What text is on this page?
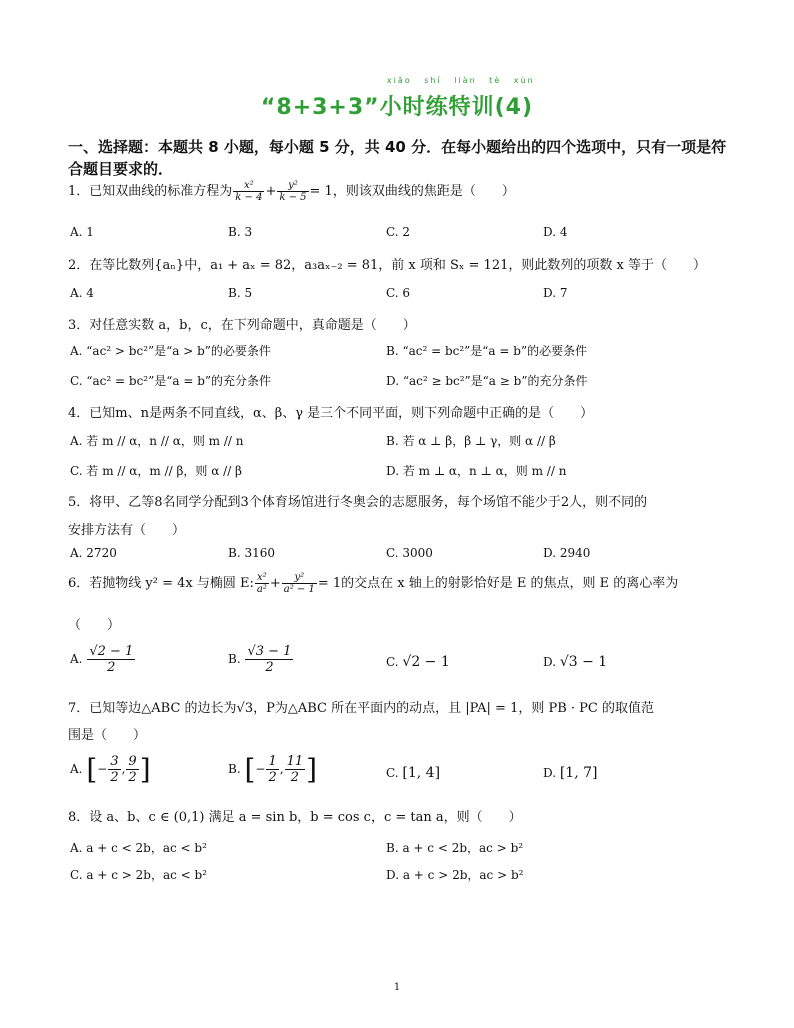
xiǎo shí liàn tè xùn
“8+3+3”小时练特训(4)
一、选择题：本题共 8 小题，每小题 5 分，共 40 分．在每小题给出的四个选项中，只有一项是符合题目要求的．
1．已知双曲线的标准方程为 $\frac{\text{x²}}{k - 4} + \frac{\text{y²}}{k - 5} = 1$，则该双曲线的焦距是（　　）
A. 1	B. 3	C. 2	D. 4
2．在等比数列{aₙ}中，a₁ + aₓ = 82，a₃aₓ₋₂ = 81，前 x 项和 Sₓ = 121，则此数列的项数 x 等于（　　）
A. 4	B. 5	C. 6	D. 7
3．对任意实数 a，b，c，在下列命题中，真命题是（　　）
A. “ac² > bc²”是“a > b”的必要条件	B. “ac² = bc²”是“a = b”的必要条件
C. “ac² = bc²”是“a = b”的充分条件	D. “ac² ≥ bc²”是“a ≥ b”的充分条件
4．已知m、n是两条不同直线，α、β、γ 是三个不同平面，则下列命题中正确的是（　　）
A. 若 m // α，n // α，则 m // n	B. 若 α ⊥ β，β ⊥ γ，则 α // β
C. 若 m // α，m // β，则 α // β	D. 若 m ⊥ α，n ⊥ α，则 m // n
5．将甲、乙等8名同学分配到3个体育场馆进行冬奥会的志愿服务，每个场馆不能少于2人，则不同的
安排方法有（　　）
A. 2720	B. 3160	C. 3000	D. 2940
6．若抛物线 y² = 4x 与椭圆 E: $\frac{\text{x²}}{\text{a²}} + \frac{\text{y²}}{\text{a² − 1}} = 1$的交点在 x 轴上的射影恰好是 E 的焦点，则 E 的离心率为
（　　）
A. $\frac{√2 - 1}{2}$	B. $\frac{√3 - 1}{2}$	C. √2 − 1	D. √3 − 1
7．已知等边△ABC 的边长为√3，P为△ABC 所在平面内的动点，且 |PA| = 1，则 PB · PC 的取值范
围是（　　）
A. [− $\frac{3}{2}$ , $\frac{9}{2}$ ]	B. [− $\frac{1}{2}$ , $\frac{11}{2}$ ]	C. [1, 4]	D. [1, 7]
8．设 a、b、c ∈ (0,1) 满足 a = sin b，b = cos c，c = tan a，则（　　）
A. a + c < 2b，ac < b²	B. a + c < 2b，ac > b²
C. a + c > 2b，ac < b²	D. a + c > 2b，ac > b²
1
